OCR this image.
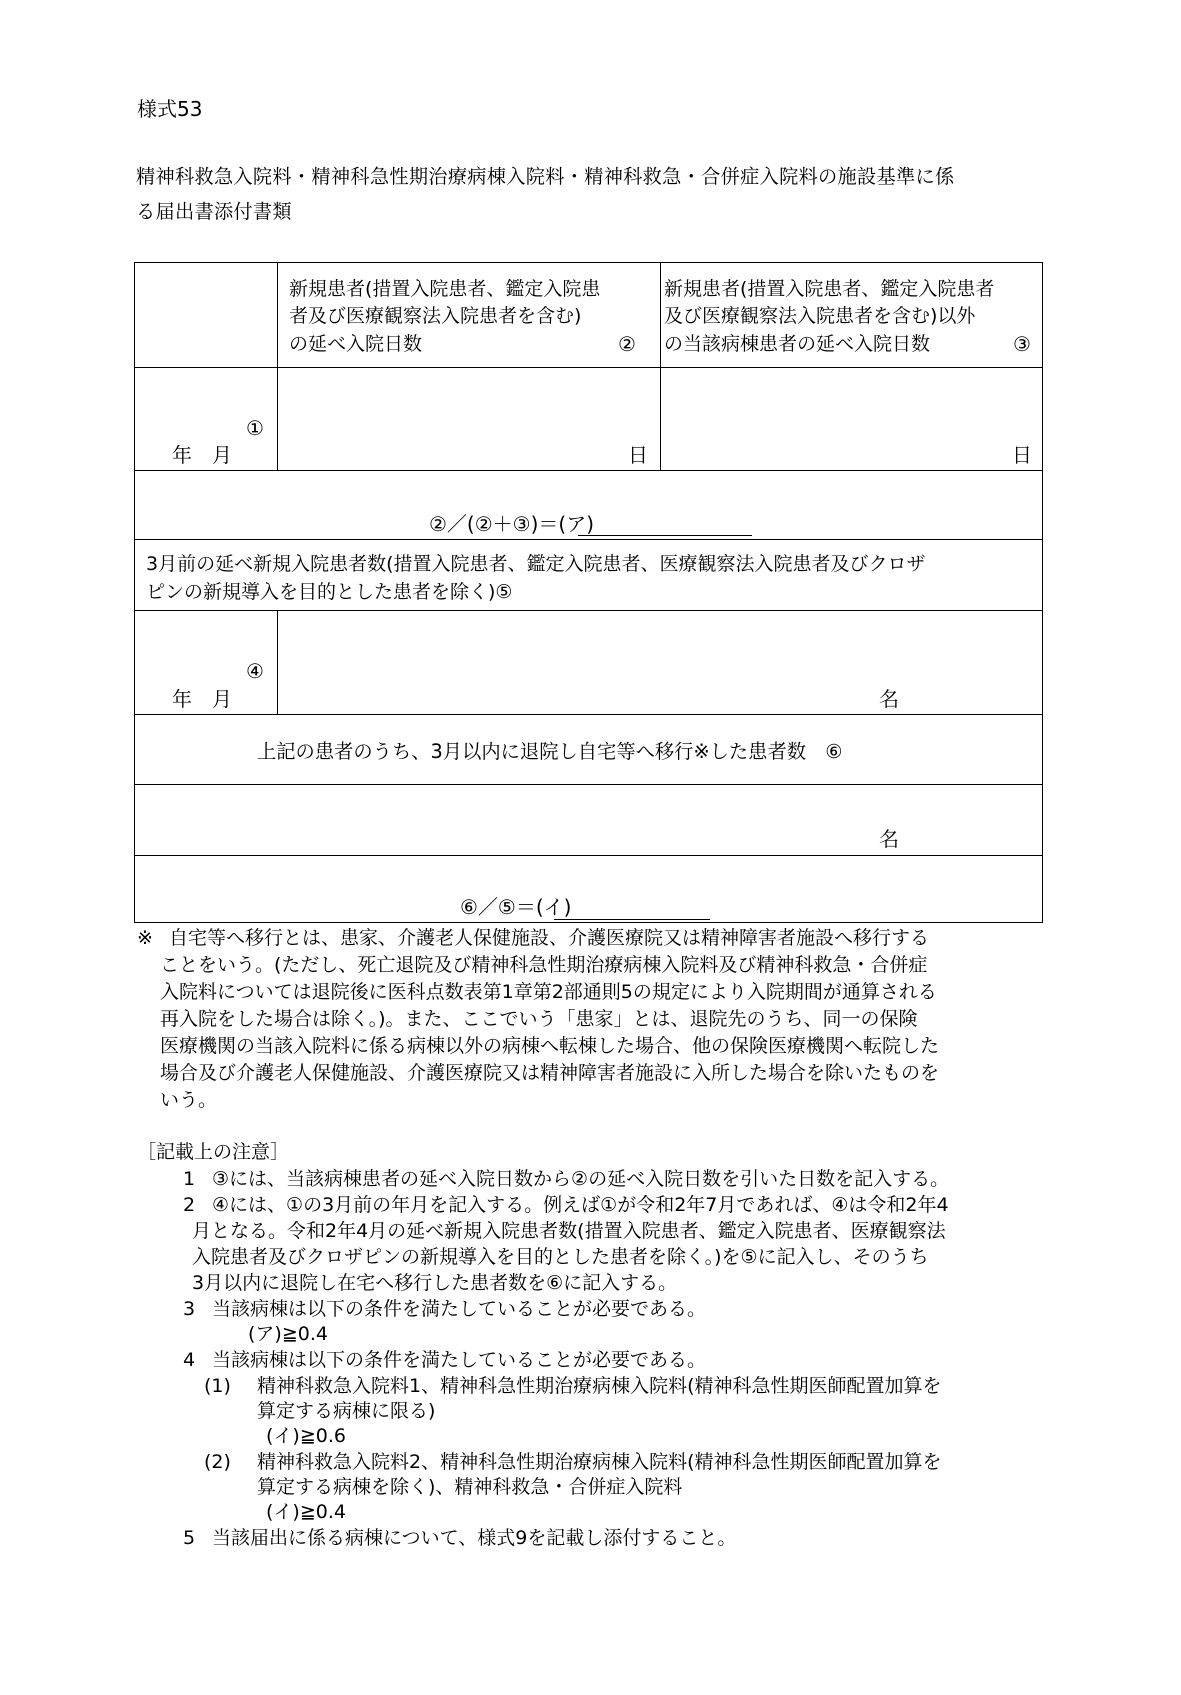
様式53
精神科救急入院料・精神科急性期治療病棟入院料・精神科救急・合併症入院料の施設基準に係
る届出書添付書類
新規患者(措置入院患者、鑑定入院患
者及び医療観察法入院患者を含む)
の延べ入院日数	②
新規患者(措置入院患者、鑑定入院患者
及び医療観察法入院患者を含む)以外
の当該病棟患者の延べ入院日数	③
①
年　月	日	日
②／(②＋③)＝(ア)
3月前の延べ新規入院患者数(措置入院患者、鑑定入院患者、医療観察法入院患者及びクロザ
ピンの新規導入を目的とした患者を除く)⑤
④
年　月	名
上記の患者のうち、3月以内に退院し自宅等へ移行※した患者数　⑥
名
⑥／⑤＝(イ)
※ 自宅等へ移行とは、患家、介護老人保健施設、介護医療院又は精神障害者施設へ移行する
ことをいう。(ただし、死亡退院及び精神科急性期治療病棟入院料及び精神科救急・合併症
入院料については退院後に医科点数表第1章第2部通則5の規定により入院期間が通算される
再入院をした場合は除く。)。また、ここでいう「患家」とは、退院先のうち、同一の保険
医療機関の当該入院料に係る病棟以外の病棟へ転棟した場合、他の保険医療機関へ転院した
場合及び介護老人保健施設、介護医療院又は精神障害者施設に入所した場合を除いたものを
いう。
［記載上の注意］
1 ③には、当該病棟患者の延べ入院日数から②の延べ入院日数を引いた日数を記入する。
2 ④には、①の3月前の年月を記入する。例えば①が令和2年7月であれば、④は令和2年4
月となる。令和2年4月の延べ新規入院患者数(措置入院患者、鑑定入院患者、医療観察法
入院患者及びクロザピンの新規導入を目的とした患者を除く。)を⑤に記入し、そのうち
3月以内に退院し在宅へ移行した患者数を⑥に記入する。
3 当該病棟は以下の条件を満たしていることが必要である。
(ア)≧0.4
4 当該病棟は以下の条件を満たしていることが必要である。
(1) 精神科救急入院料1、精神科急性期治療病棟入院料(精神科急性期医師配置加算を
算定する病棟に限る)
(イ)≧0.6
(2) 精神科救急入院料2、精神科急性期治療病棟入院料(精神科急性期医師配置加算を
算定する病棟を除く)、精神科救急・合併症入院料
(イ)≧0.4
5 当該届出に係る病棟について、様式9を記載し添付すること。
